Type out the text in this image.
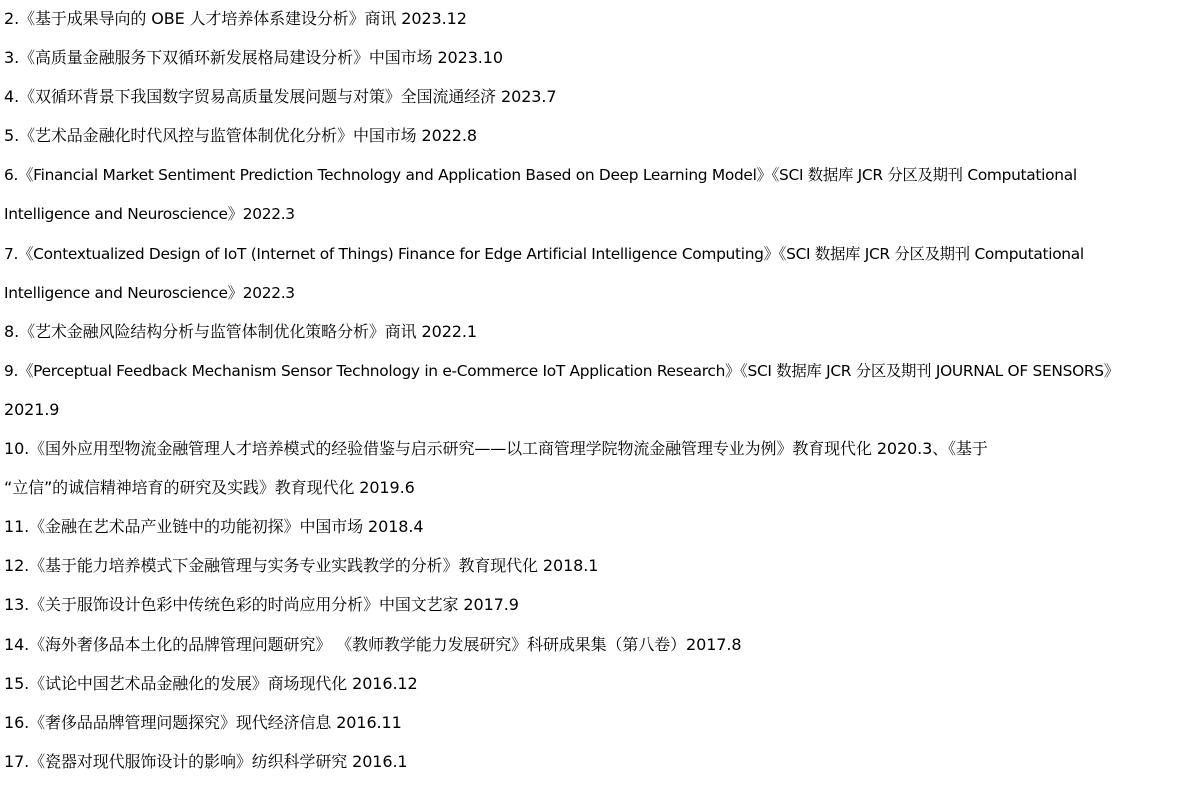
2.《基于成果导向的 OBE 人才培养体系建设分析》商讯 2023.12
3.《高质量金融服务下双循环新发展格局建设分析》中国市场 2023.10
4.《双循环背景下我国数字贸易高质量发展问题与对策》全国流通经济 2023.7
5.《艺术品金融化时代风控与监管体制优化分析》中国市场 2022.8
6.《Financial Market Sentiment Prediction Technology and Application Based on Deep Learning Model》《SCI 数据库 JCR 分区及期刊 Computational
Intelligence and Neuroscience》2022.3
7.《Contextualized Design of IoT (Internet of Things) Finance for Edge Artificial Intelligence Computing》《SCI 数据库 JCR 分区及期刊 Computational
Intelligence and Neuroscience》2022.3
8.《艺术金融风险结构分析与监管体制优化策略分析》商讯 2022.1
9.《Perceptual Feedback Mechanism Sensor Technology in e-Commerce IoT Application Research》《SCI 数据库 JCR 分区及期刊 JOURNAL OF SENSORS》
2021.9
10.《国外应用型物流金融管理人才培养模式的经验借鉴与启示研究——以工商管理学院物流金融管理专业为例》教育现代化 2020.3、《基于
“立信”的诚信精神培育的研究及实践》教育现代化 2019.6
11.《金融在艺术品产业链中的功能初探》中国市场 2018.4
12.《基于能力培养模式下金融管理与实务专业实践教学的分析》教育现代化 2018.1
13.《关于服饰设计色彩中传统色彩的时尚应用分析》中国文艺家 2017.9
14.《海外奢侈品本土化的品牌管理问题研究》 《教师教学能力发展研究》科研成果集（第八卷）2017.8
15.《试论中国艺术品金融化的发展》商场现代化 2016.12
16.《奢侈品品牌管理问题探究》现代经济信息 2016.11
17.《瓷器对现代服饰设计的影响》纺织科学研究 2016.1
